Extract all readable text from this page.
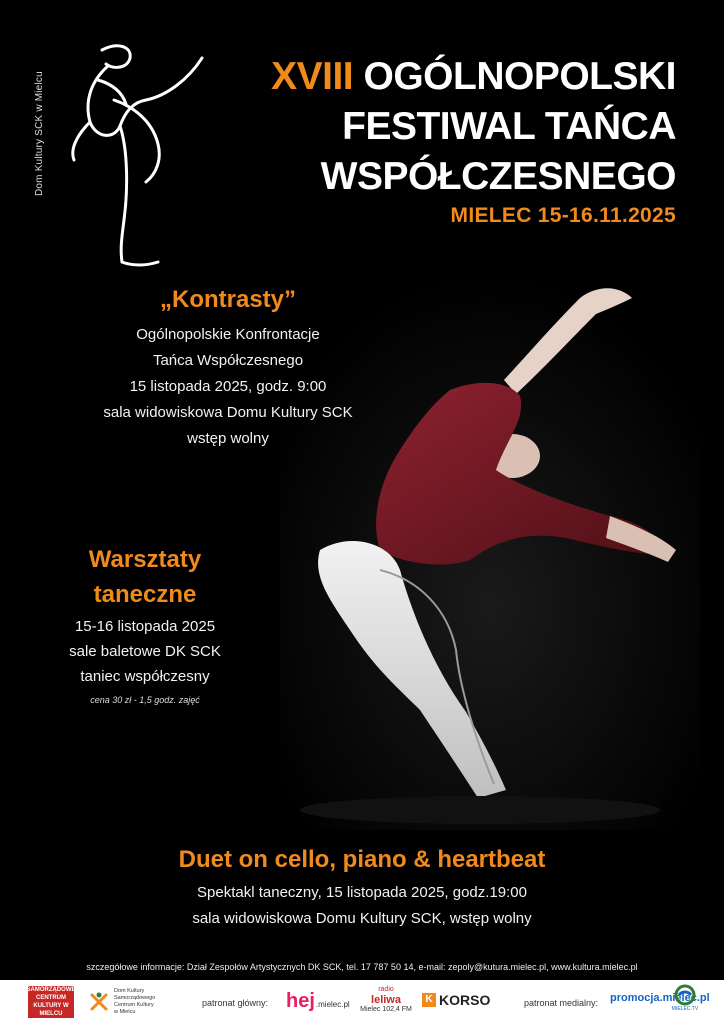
Dom Kultury SCK w Mielcu	XVIII OGÓLNOPOLSKI
FESTIWAL TAŃCA
WSPÓŁCZESNEGO
MIELEC 15-16.11.2025
„Kontrasty”
Ogólnopolskie Konfrontacje
Tańca Współczesnego
15 listopada 2025, godz. 9:00
sala widowiskowa Domu Kultury SCK
wstęp wolny
Warsztaty
taneczne
15-16 listopada 2025
sale baletowe DK SCK
taniec współczesny
cena 30 zł - 1,5 godz. zajęć
Duet on cello, piano & heartbeat
Spektakl taneczny, 15 listopada 2025, godz.19:00
sala widowiskowa Domu Kultury SCK, wstęp wolny
szczegółowe informacje: Dział Zespołów Artystycznych DK SCK, tel. 17 787 50 14, e-mail: zepoly@kutura.mielec.pl, www.kultura.mielec.pl
SAMORZĄDOWE CENTRUM KULTURY W MIELCU
Dom Kultury
Samorządowego
Centrum Kultury
w Mielcu
patronat główny: hej .mielec.pl
radio
leliwa
Mielec 102,4 FM
K KORSO	patronat medialny: promocja.mielec.pl
MIELEC.TV
